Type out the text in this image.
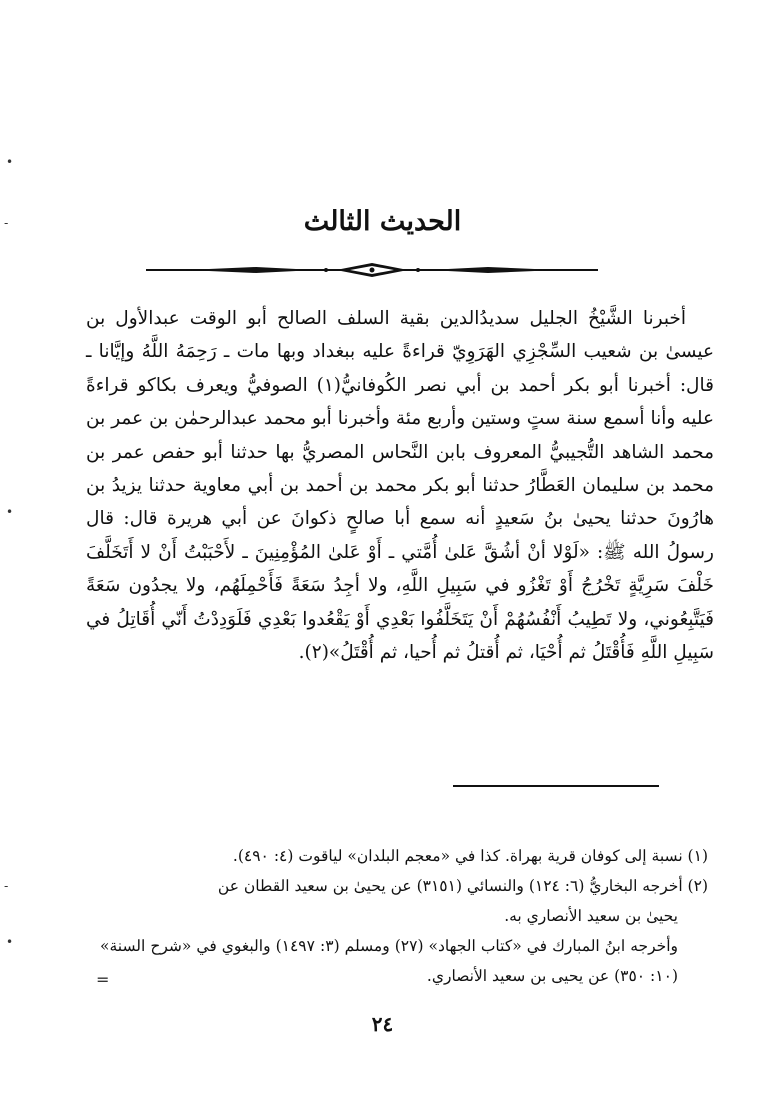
الحديث الثالث

أخبرنا الشَّيْخُ الجليل سديدُالدين بقية السلف الصالح أبو الوقت عبدالأول بن عيسىٰ بن شعيب السِّجْزِي الهَرَوِيّ قراءةً عليه ببغداد وبها مات ـ رَحِمَهُ اللَّهُ وإيَّانا ـ قال: أخبرنا أبو بكر أحمد بن أبي نصر الكُوفانيُّ(١) الصوفيُّ ويعرف بكاكو قراءةً عليه وأنا أسمع سنة ستٍ وستين وأربع مئة وأخبرنا أبو محمد عبدالرحمٰن بن عمر بن محمد الشاهد التُّجيبيُّ المعروف بابن النَّحاس المصريُّ بها حدثنا أبو حفص عمر بن محمد بن سليمان العَطَّارُ حدثنا أبو بكر محمد بن أحمد بن أبي معاوية حدثنا يزيدُ بن هارُونَ حدثنا يحيىٰ بنُ سَعيدٍ أنه سمع أبا صالحٍ ذكوانَ عن أبي هريرة قال: قال رسولُ الله ﷺ: «لَوْلا أنْ أشُقَّ عَلىٰ أُمَّتي ـ أَوْ عَلىٰ المُؤْمِنِينَ ـ لأَحْبَبْتُ أَنْ لا أَتَخَلَّفَ خَلْفَ سَرِيَّةٍ تَخْرُجُ أَوْ تَغْزُو في سَبِيلِ اللَّهِ، ولا أجِدُ سَعَةً فَأَحْمِلَهُم، ولا يجدُون سَعَةً فَيَتَّبِعُوني، ولا تَطِيبُ أَنْفُسُهُمْ أَنْ يَتَخَلَّفُوا بَعْدِي أَوْ يَقْعُدوا بَعْدِي فَلَوَدِدْتُ أَنّي أُقَاتِلُ في سَبِيلِ اللَّهِ فَأُقْتَلُ ثم أُحْيَا، ثم أُقتلُ ثم أُحيا، ثم أُقْتَلُ»(٢).

(١) نسبة إلى كوفان قرية بهراة. كذا في «معجم البلدان» لياقوت (٤: ٤٩٠).

(٢) أخرجه البخاريُّ (٦: ١٢٤) والنسائي (٣١٥١) عن يحيىٰ بن سعيد القطان عن

يحيىٰ بن سعيد الأنصاري به.

وأخرجه ابنُ المبارك في «كتاب الجهاد» (٢٧) ومسلم (٣: ١٤٩٧) والبغوي في «شرح السنة» (١٠: ٣٥٠) عن يحيى بن سعيد الأنصاري.

٢٤
•
-
•
-
•
=
